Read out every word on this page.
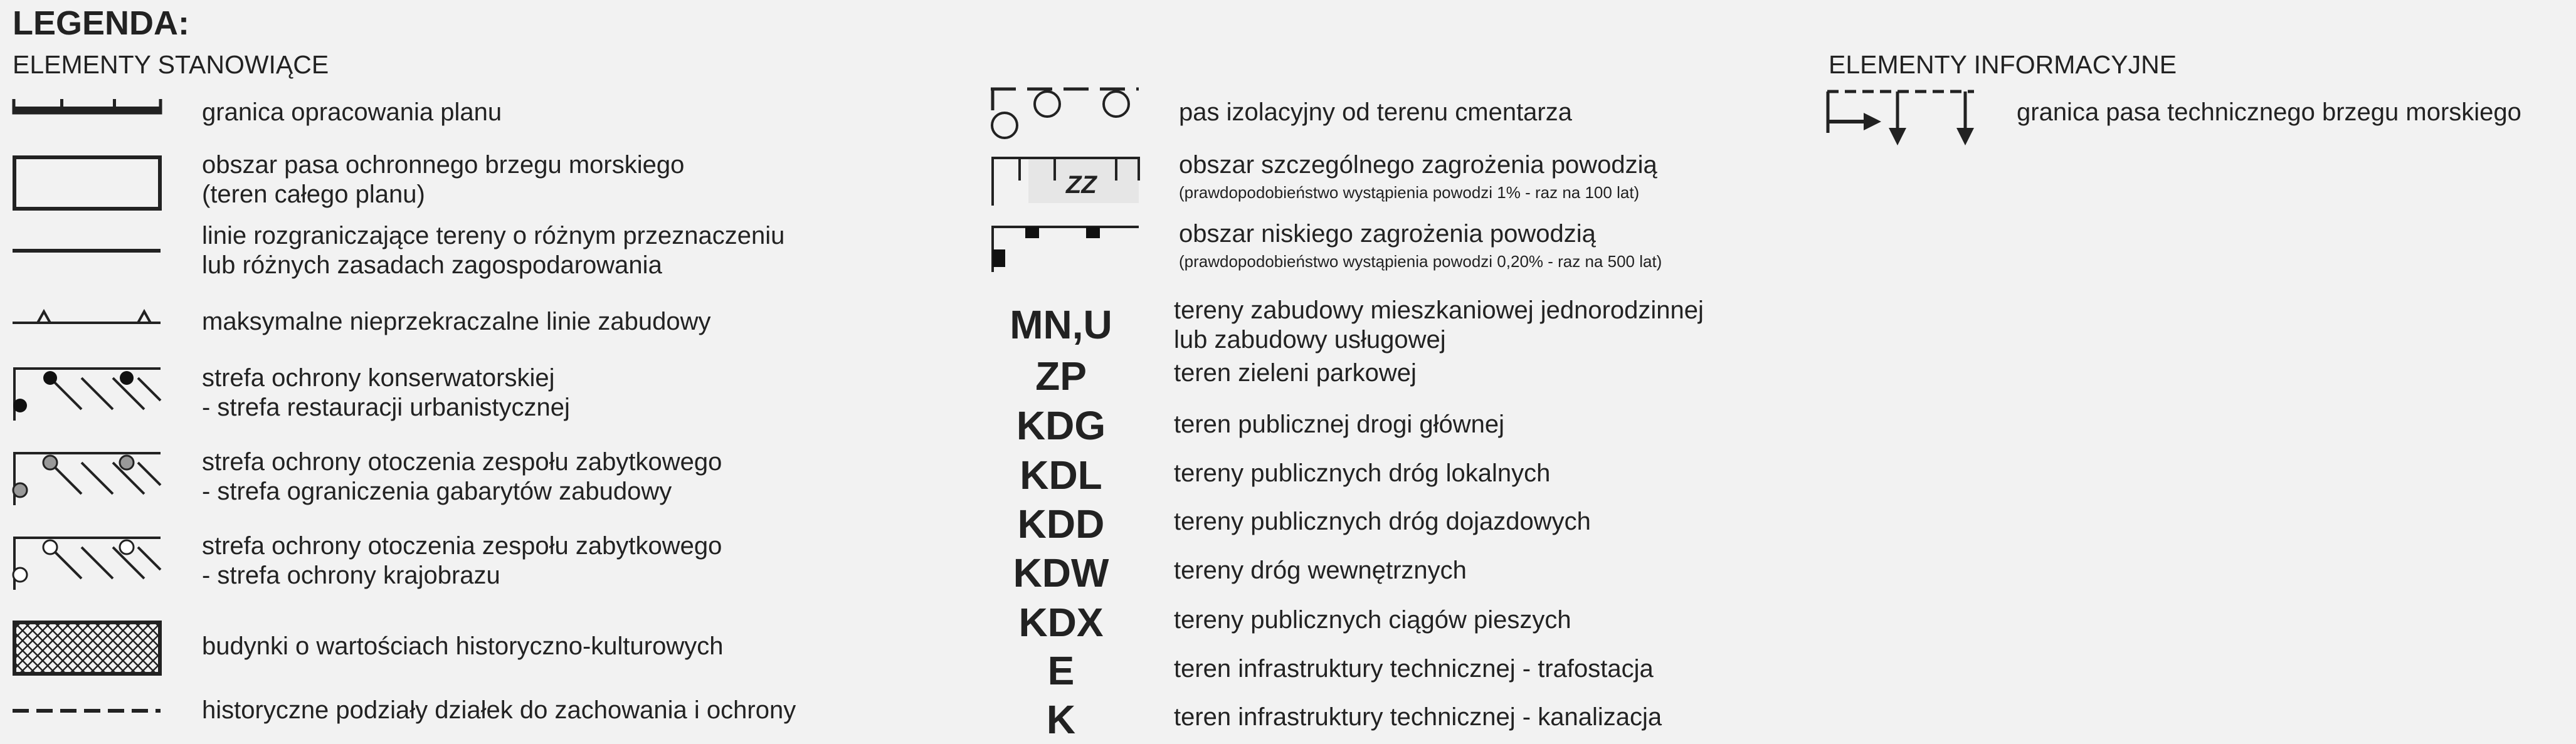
LEGENDA:
ELEMENTY STANOWIĄCE	ELEMENTY INFORMACYJNE
granica opracowania planu
obszar pasa ochronnego brzegu morskiego
(teren całego planu)
linie rozgraniczające tereny o różnym przeznaczeniu
lub różnych zasadach zagospodarowania
maksymalne nieprzekraczalne linie zabudowy
strefa ochrony konserwatorskiej
- strefa restauracji urbanistycznej
strefa ochrony otoczenia zespołu zabytkowego
- strefa ograniczenia gabarytów zabudowy
strefa ochrony otoczenia zespołu zabytkowego
- strefa ochrony krajobrazu
budynki o wartościach historyczno-kulturowych
historyczne podziały działek do zachowania i ochrony
pas izolacyjny od terenu cmentarza
ZZ
obszar szczególnego zagrożenia powodzią
(prawdopodobieństwo wystąpienia powodzi 1% - raz na 100 lat)
obszar niskiego zagrożenia powodzią
(prawdopodobieństwo wystąpienia powodzi 0,20% - raz na 500 lat)
MN,U	tereny zabudowy mieszkaniowej jednorodzinnej
lub zabudowy usługowej
ZP	teren zieleni parkowej
KDG	teren publicznej drogi głównej
KDL	tereny publicznych dróg lokalnych
KDD	tereny publicznych dróg dojazdowych
KDW	tereny dróg wewnętrznych
KDX	tereny publicznych ciągów pieszych
E	teren infrastruktury technicznej - trafostacja
K	teren infrastruktury technicznej - kanalizacja
granica pasa technicznego brzegu morskiego
